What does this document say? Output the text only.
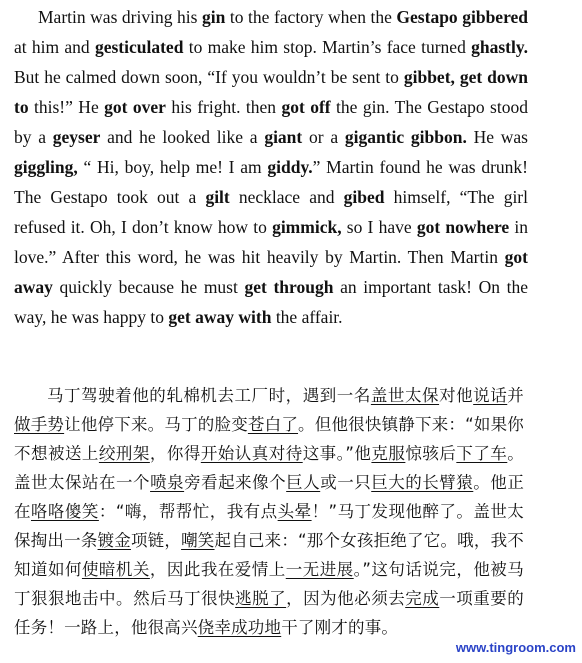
Martin was driving his gin to the factory when the Gestapo gibbered at him and gesticulated to make him stop. Martin’s face turned ghastly. But he calmed down soon, “If you wouldn’t be sent to gibbet, get down to this!” He got over his fright. then got off the gin. The Gestapo stood by a geyser and he looked like a giant or a gigantic gibbon. He was giggling, “ Hi, boy, help me! I am giddy.” Martin found he was drunk! The Gestapo took out a gilt necklace and gibed himself, “The girl refused it. Oh, I don’t know how to gimmick, so I have got nowhere in love.” After this word, he was hit heavily by Martin. Then Martin got away quickly because he must get through an important task! On the way, he was happy to get away with the affair.

马丁驾驶着他的轧棉机去工厂时，遇到一名盖世太保对他说话并做手势让他停下来。马丁的脸变苍白了。但他很快镇静下来：“如果你不想被送上绞刑架，你得开始认真对待这事。”他克服惊骇后下了车。盖世太保站在一个喷泉旁看起来像个巨人或一只巨大的长臂猿。他正在咯咯傻笑：“嗨，帮帮忙，我有点头晕！”马丁发现他醉了。盖世太保掏出一条镀金项链，嘲笑起自己来：“那个女孩拒绝了它。哦，我不知道如何使暗机关，因此我在爱情上一无进展。”这句话说完，他被马丁狠狠地击中。然后马丁很快逃脱了，因为他必须去完成一项重要的任务！一路上，他很高兴侥幸成功地干了刚才的事。

www.tingroom.com
